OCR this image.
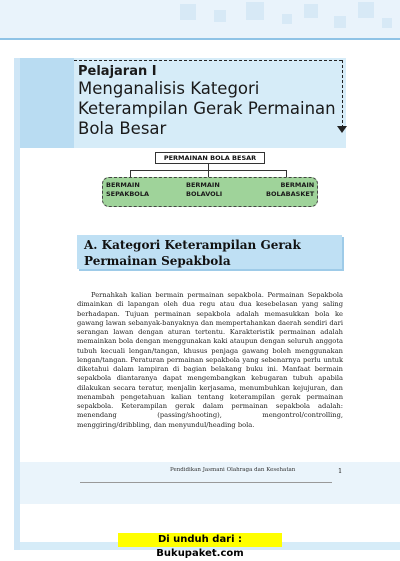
Pelajaran I
Menganalisis Kategori Keterampilan Gerak Permainan Bola Besar
PERMAINAN BOLA BESAR
BERMAIN
SEPAKBOLA
BERMAIN
BOLAVOLI
BERMAIN
BOLABASKET
A. Kategori Keterampilan Gerak Permainan Sepakbola

Pernahkah kalian bermain permainan sepakbola. Permainan Sepakbola dimainkan di lapangan oleh dua regu atau dua kesebelasan yang saling berhadapan. Tujuan permainan sepakbola adalah memasukkan bola ke gawang lawan sebanyak-banyaknya dan mempertahankan daerah sendiri dari serangan lawan dengan aturan tertentu. Karakteristik permainan adalah memainkan bola dengan menggunakan kaki ataupun dengan seluruh anggota tubuh kecuali lengan/tangan, khusus penjaga gawang boleh menggunakan lengan/tangan. Peraturan permainan sepakbola yang sebenarnya perlu untuk diketahui dalam lampiran di bagian belakang buku ini. Manfaat bermain sepakbola diantaranya dapat mengembangkan kebugaran tubuh apabila dilakukan secara teratur, menjalin kerjasama, menumbuhkan kejujuran, dan menambah pengetahuan kalian tentang keterampilan gerak permainan sepakbola. Keterampilan gerak dalam permainan sepakbola adalah: menendang (passing/shooting), mengontrol/controlling, menggiring/dribbling, dan menyundul/heading bola.

Pendidikan Jasmani Olahraga dan Kesehatan	1
Di unduh dari : Bukupaket.com
